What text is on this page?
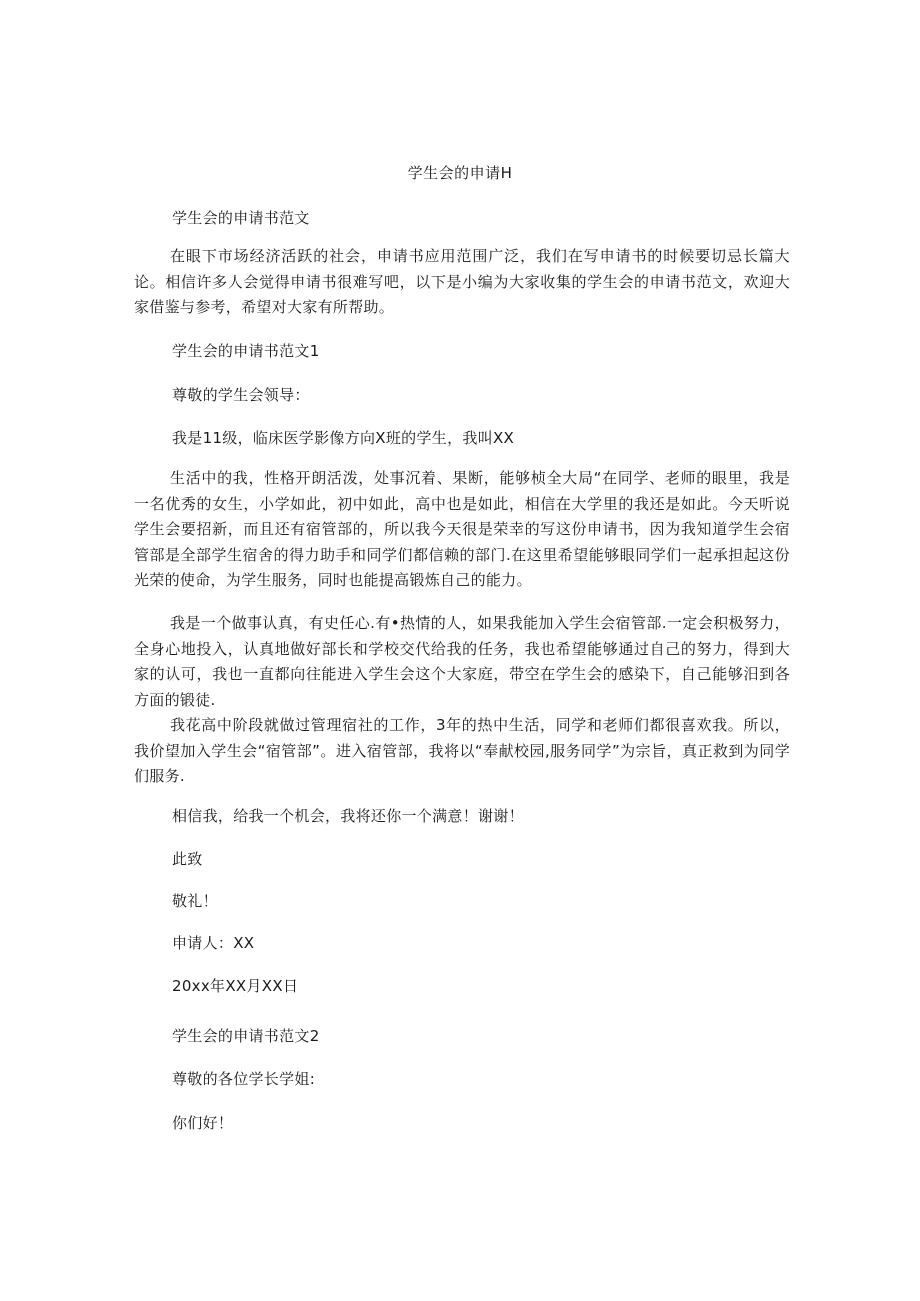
学生会的申请H
学生会的申请书范文
在眼下市场经济活跃的社会，申请书应用范围广泛，我们在写申请书的时候要切忌长篇大论。相信许多人会觉得申请书很难写吧，以下是小编为大家收集的学生会的申请书范文，欢迎大家借鉴与参考，希望对大家有所帮助。
学生会的申请书范文1
尊敬的学生会领导：
我是11级，临床医学影像方向X班的学生，我叫XX
生活中的我，性格开朗活泼，处事沉着、果断，能够桢全大局“在同学、老师的眼里，我是一名优秀的女生，小学如此，初中如此，高中也是如此，相信在大学里的我还是如此。今天听说学生会要招新，而且还有宿管部的，所以我今天很是荣幸的写这份申请书，因为我知道学生会宿管部是全部学生宿舍的得力助手和同学们都信赖的部门.在这里希望能够眼同学们一起承担起这份光荣的使命，为学生服务，同时也能提高锻炼自己的能力。
我是一个做事认真，有史任心.有•热情的人，如果我能加入学生会宿管部.一定会积极努力，全身心地投入，认真地做好部长和学校交代给我的任务，我也希望能够通过自己的努力，得到大家的认可，我也一直都向往能进入学生会这个大家庭，带空在学生会的感染下，自己能够汨到各方面的锻徒.
我花高中阶段就做过管理宿社的工作，3年的热中生活，同学和老师们都很喜欢我。所以，我价望加入学生会“宿管部”。进入宿管部，我将以“奉献校园,服务同学”为宗旨，真正救到为同学们服务.
相信我，给我一个机会，我将还你一个满意！谢谢！
此致
敬礼！
申请人：XX
20xx年XX月XX日
学生会的申请书范文2
尊敬的各位学长学姐:
你们好！
